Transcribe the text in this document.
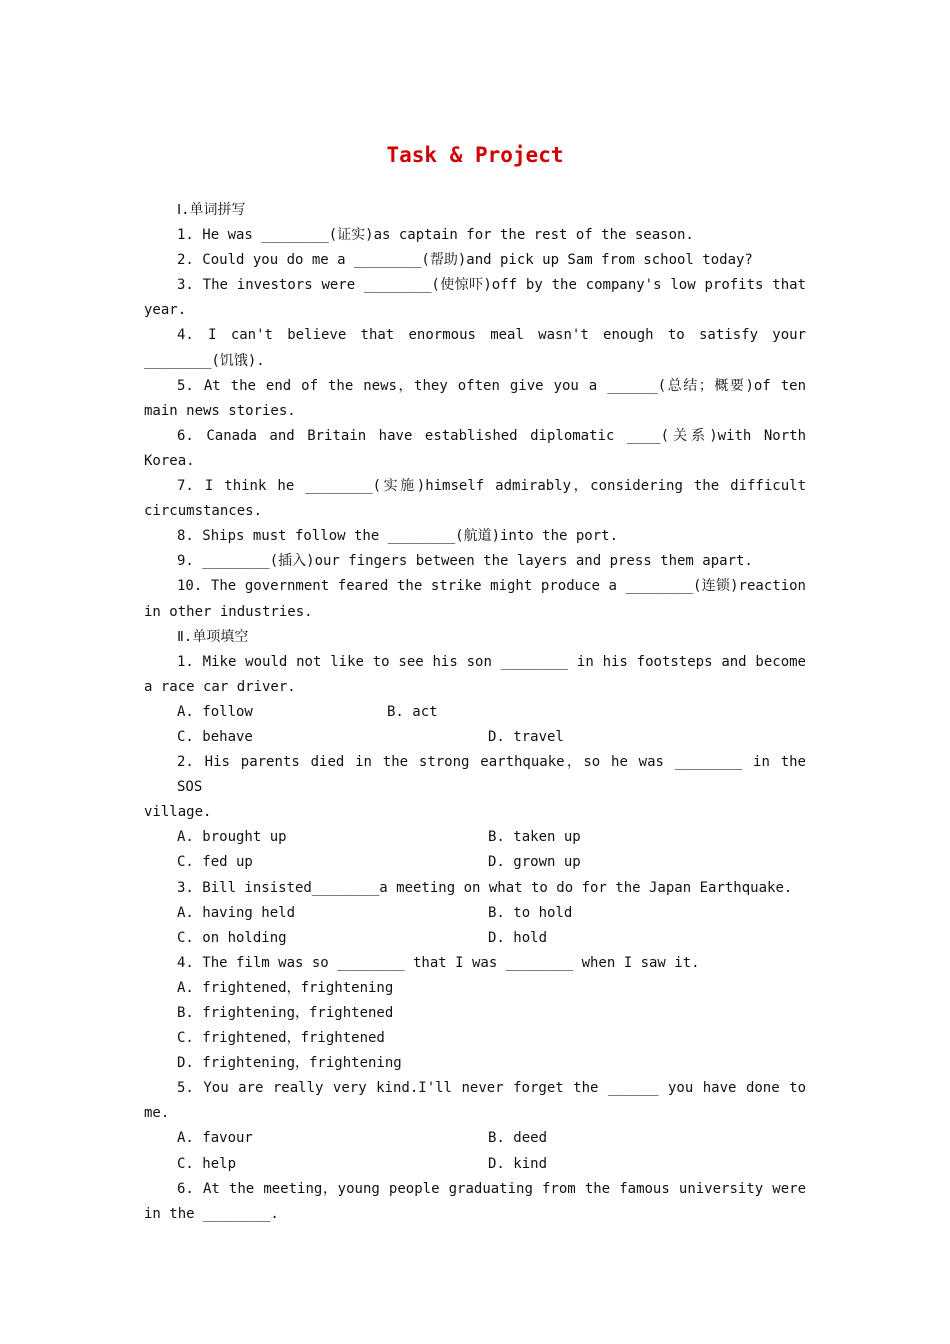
Task & Project
Ⅰ.单词拼写
1. He was ________(证实)as captain for the rest of the season.
2. Could you do me a ________(帮助)and pick up Sam from school today?
3. The investors were ________(使惊吓)off by the company's low profits that
year.
4. I can't believe that enormous meal wasn't enough to satisfy your
________(饥饿).
5. At the end of the news，they often give you a ______(总结；概要)of ten
main news stories.
6. Canada and Britain have established diplomatic ____(关系)with North
Korea.
7. I think he ________(实施)himself admirably，considering the difficult
circumstances.
8. Ships must follow the ________(航道)into the port.
9. ________(插入)our fingers between the layers and press them apart.
10. The government feared the strike might produce a ________(连锁)reaction
in other industries.
Ⅱ.单项填空
1. Mike would not like to see his son ________ in his footsteps and become
a race car driver.
A. follow	B. act
C. behave	D. travel
2. His parents died in the strong earthquake，so he was ________ in the SOS
village.
A. brought up	B. taken up
C. fed up	D. grown up
3. Bill insisted________a meeting on what to do for the Japan Earthquake.
A. having held	B. to hold
C. on holding	D. hold
4. The film was so ________ that I was ________ when I saw it.
A. frightened，frightening
B. frightening，frightened
C. frightened，frightened
D. frightening，frightening
5. You are really very kind.I'll never forget the ______ you have done to
me.
A. favour	B. deed
C. help	D. kind
6. At the meeting，young people graduating from the famous university were
in the ________.
